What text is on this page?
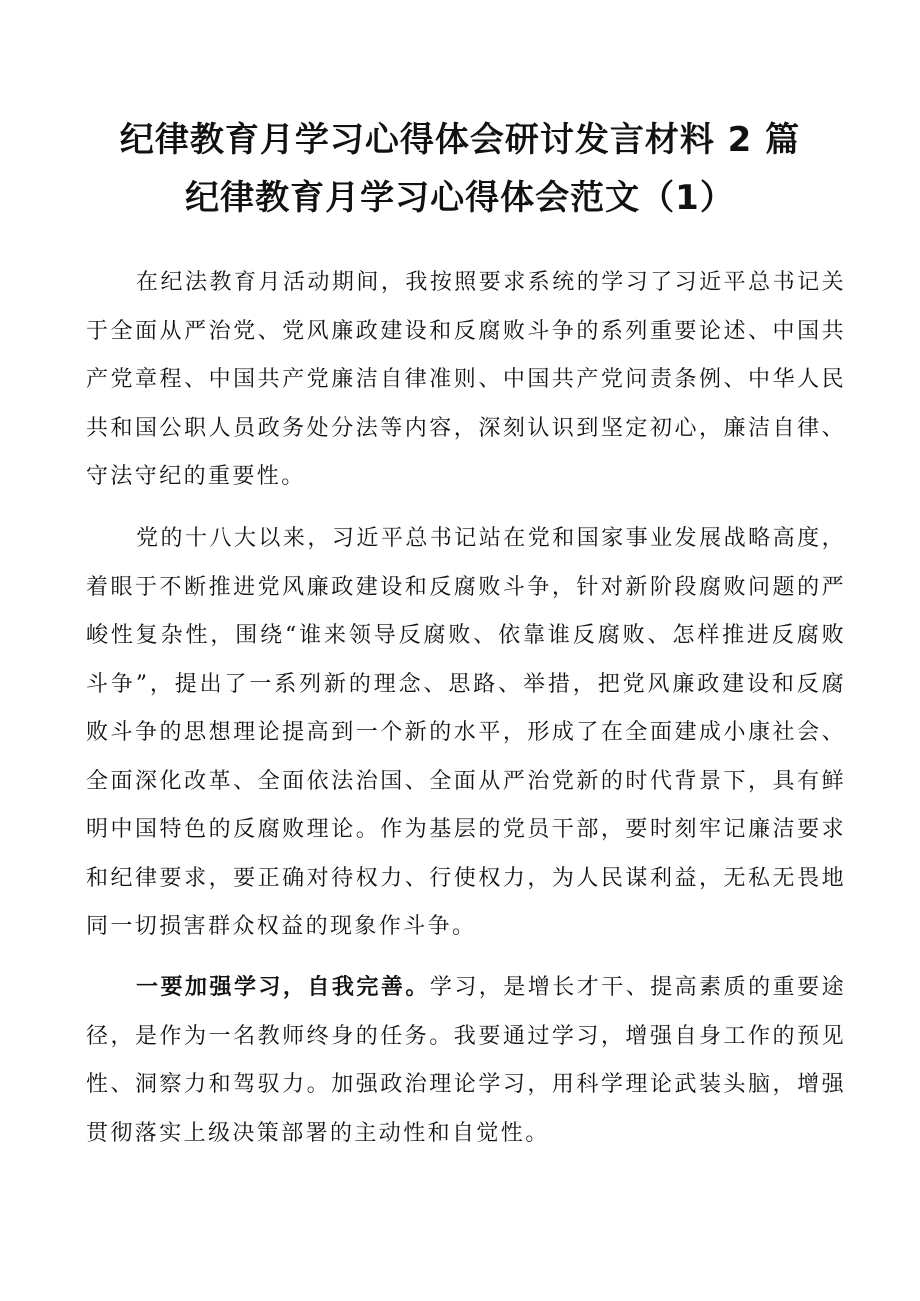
纪律教育月学习心得体会研讨发言材料 2 篇
纪律教育月学习心得体会范文（1）

在纪法教育月活动期间，我按照要求系统的学习了习近平总书记关于全面从严治党、党风廉政建设和反腐败斗争的系列重要论述、中国共产党章程、中国共产党廉洁自律准则、中国共产党问责条例、中华人民共和国公职人员政务处分法等内容，深刻认识到坚定初心，廉洁自律、守法守纪的重要性。

党的十八大以来，习近平总书记站在党和国家事业发展战略高度，着眼于不断推进党风廉政建设和反腐败斗争，针对新阶段腐败问题的严峻性复杂性，围绕“谁来领导反腐败、依靠谁反腐败、怎样推进反腐败斗争”，提出了一系列新的理念、思路、举措，把党风廉政建设和反腐败斗争的思想理论提高到一个新的水平，形成了在全面建成小康社会、全面深化改革、全面依法治国、全面从严治党新的时代背景下，具有鲜明中国特色的反腐败理论。作为基层的党员干部，要时刻牢记廉洁要求和纪律要求，要正确对待权力、行使权力，为人民谋利益，无私无畏地同一切损害群众权益的现象作斗争。

一要加强学习，自我完善。学习，是增长才干、提高素质的重要途径，是作为一名教师终身的任务。我要通过学习，增强自身工作的预见性、洞察力和驾驭力。加强政治理论学习，用科学理论武装头脑，增强贯彻落实上级决策部署的主动性和自觉性。
